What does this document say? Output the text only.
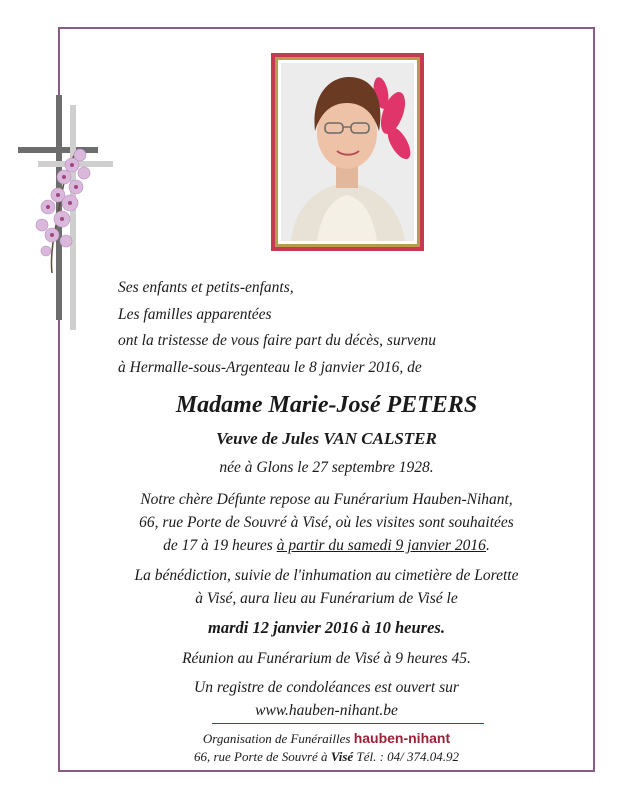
Ses enfants et petits-enfants,
Les familles apparentées
ont la tristesse de vous faire part du décès, survenu
à Hermalle-sous-Argenteau le 8 janvier 2016, de
Madame Marie-José PETERS
Veuve de Jules VAN CALSTER
née à Glons le 27 septembre 1928.
Notre chère Défunte repose au Funérarium Hauben-Nihant,
66, rue Porte de Souvré à Visé, où les visites sont souhaitées
de 17 à 19 heures à partir du samedi 9 janvier 2016.
La bénédiction, suivie de l'inhumation au cimetière de Lorette
à Visé, aura lieu au Funérarium de Visé le
mardi 12 janvier 2016 à 10 heures.
Réunion au Funérarium de Visé à 9 heures 45.
Un registre de condoléances est ouvert sur
www.hauben-nihant.be
Organisation de Funérailles hauben-nihant
66, rue Porte de Souvré à Visé Tél. : 04/ 374.04.92
